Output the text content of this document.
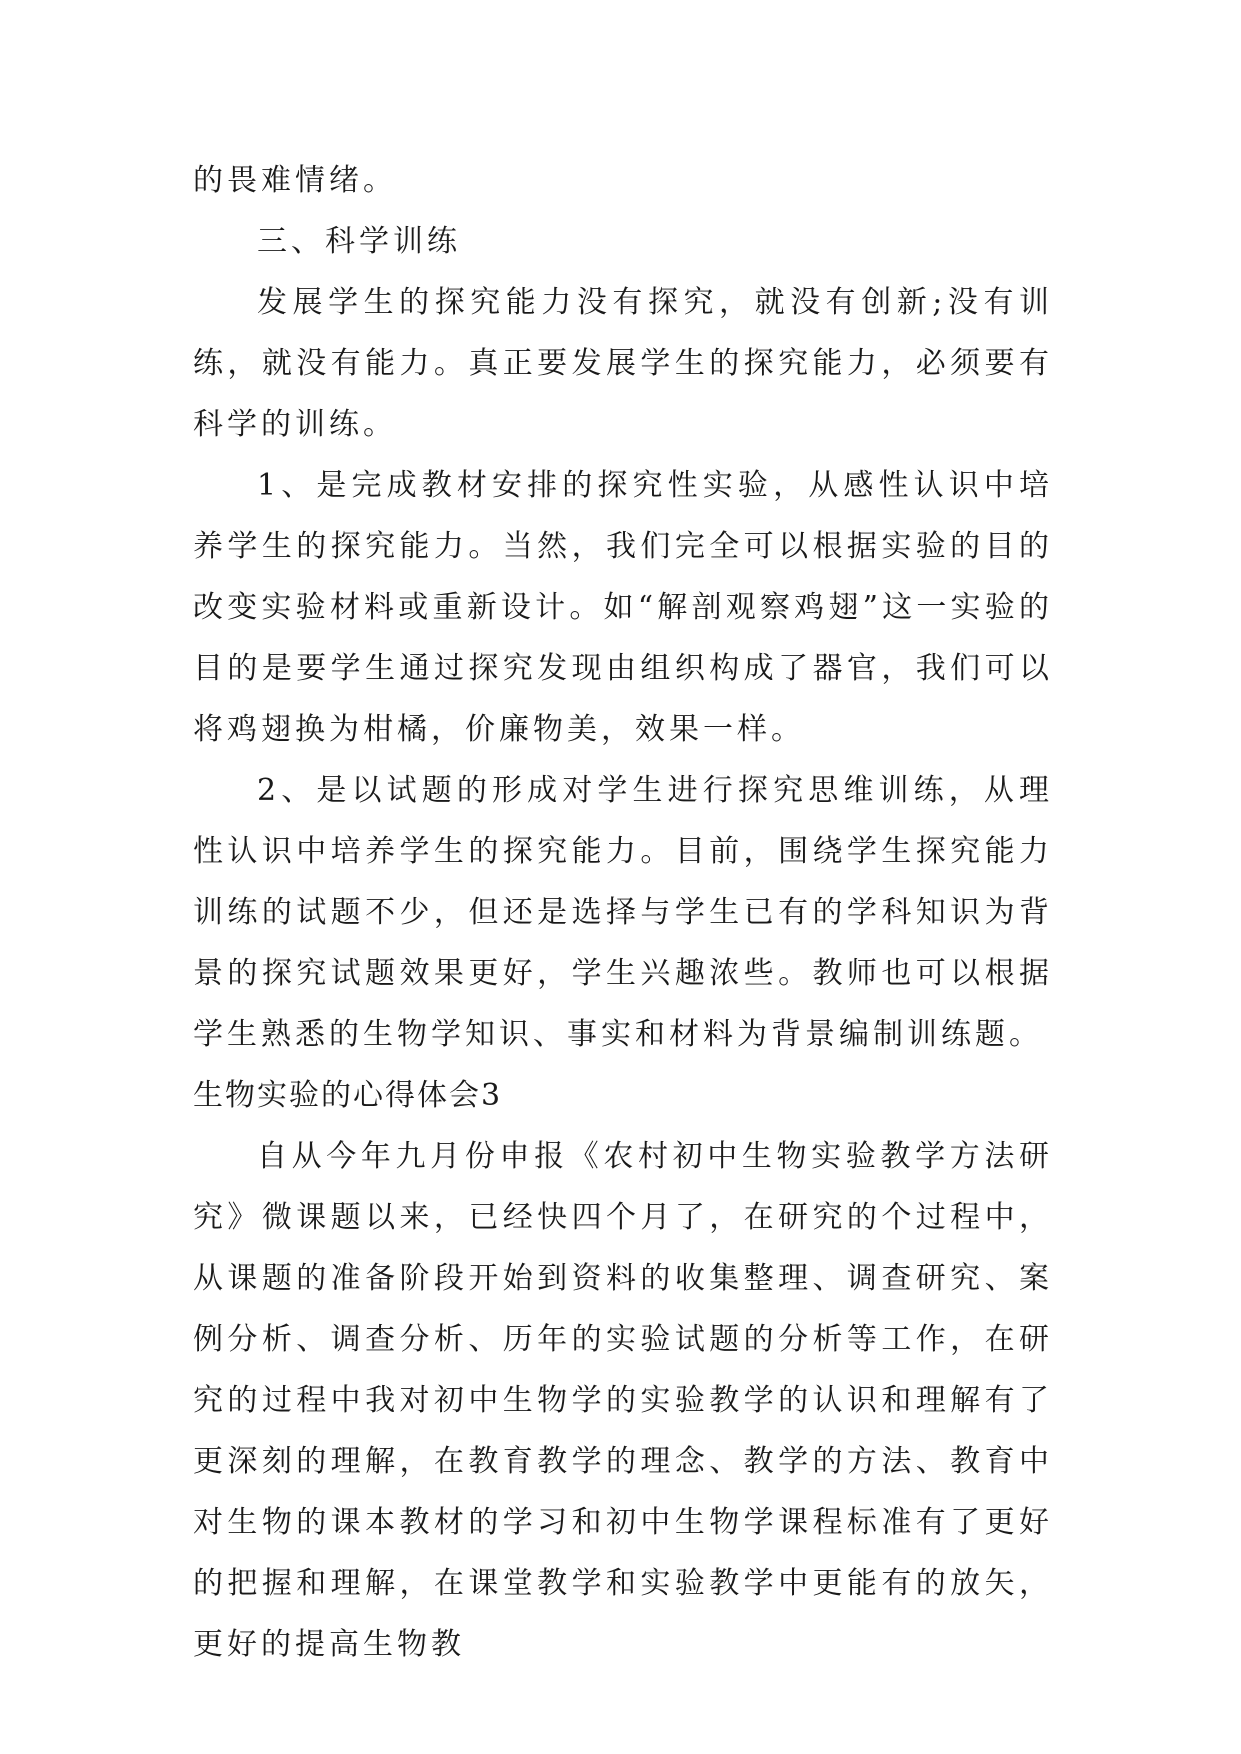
的畏难情绪。

三、科学训练

发展学生的探究能力没有探究，就没有创新;没有训练，就没有能力。真正要发展学生的探究能力，必须要有科学的训练。

1、是完成教材安排的探究性实验，从感性认识中培养学生的探究能力。当然，我们完全可以根据实验的目的改变实验材料或重新设计。如“解剖观察鸡翅”这一实验的目的是要学生通过探究发现由组织构成了器官，我们可以将鸡翅换为柑橘，价廉物美，效果一样。

2、是以试题的形成对学生进行探究思维训练，从理性认识中培养学生的探究能力。目前，围绕学生探究能力训练的试题不少，但还是选择与学生已有的学科知识为背景的探究试题效果更好，学生兴趣浓些。教师也可以根据学生熟悉的生物学知识、事实和材料为背景编制训练题。

生物实验的心得体会3

自从今年九月份申报《农村初中生物实验教学方法研究》微课题以来，已经快四个月了，在研究的个过程中，从课题的准备阶段开始到资料的收集整理、调查研究、案例分析、调查分析、历年的实验试题的分析等工作，在研究的过程中我对初中生物学的实验教学的认识和理解有了更深刻的理解，在教育教学的理念、教学的方法、教育中对生物的课本教材的学习和初中生物学课程标准有了更好的把握和理解，在课堂教学和实验教学中更能有的放矢，更好的提高生物教
